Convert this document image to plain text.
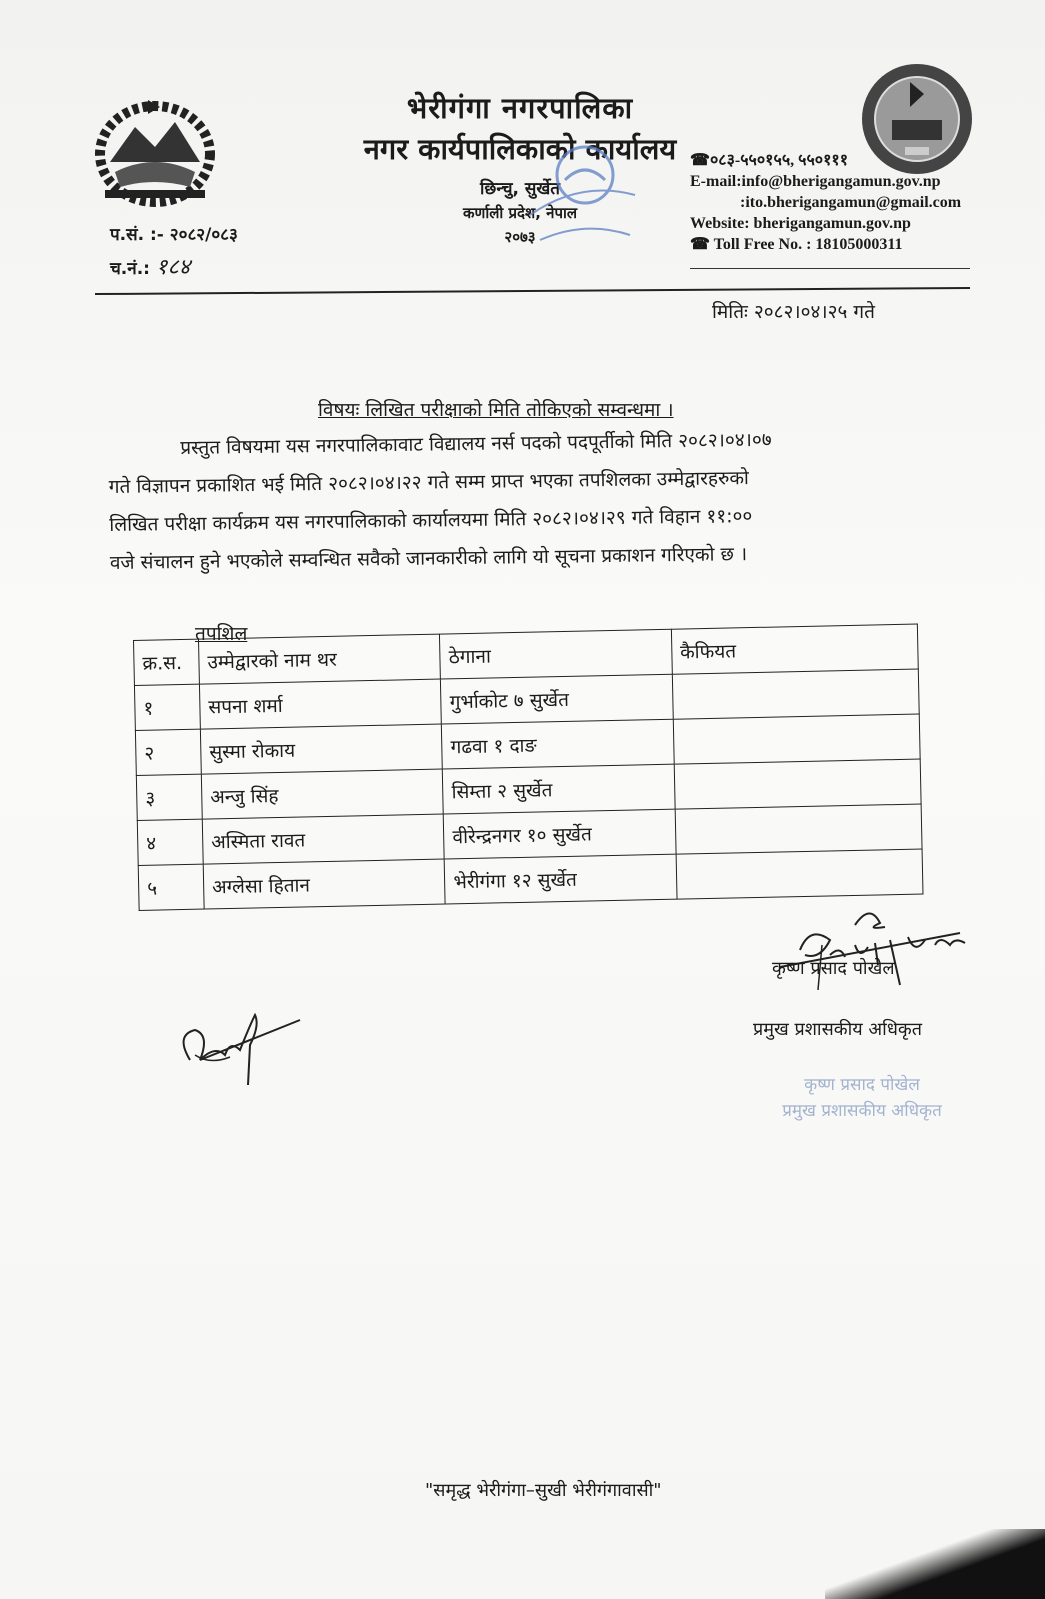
भेरीगंगा नगरपालिका
नगर कार्यपालिकाको कार्यालय
छिन्चु, सुर्खेत
कर्णाली प्रदेश, नेपाल
२०७३
प.सं. :- २०८२/०८३
च.नं.: १८४
☎०८३-५५०१५५, ५५०१११
E-mail:info@bherigangamun.gov.np
:ito.bherigangamun@gmail.com
Website: bherigangamun.gov.np
☎ Toll Free No. : 18105000311
मितिः २०८२।०४।२५ गते
विषयः लिखित परीक्षाको मिति तोकिएको सम्वन्धमा ।

प्रस्तुत विषयमा यस नगरपालिकावाट विद्यालय नर्स पदको पदपूर्तीको मिति २०८२।०४।०७

गते विज्ञापन प्रकाशित भई मिति २०८२।०४।२२ गते सम्म प्राप्त भएका तपशिलका उम्मेद्वारहरुको

लिखित परीक्षा कार्यक्रम यस नगरपालिकाको कार्यालयमा मिति २०८२।०४।२९ गते विहान ११:००

वजे संचालन हुने भएकोले सम्वन्धित सवैको जानकारीको लागि यो सूचना प्रकाशन गरिएको छ ।

तपशिल
क्र.स.	उम्मेद्वारको नाम थर	ठेगाना	कैफियत
१	सपना शर्मा	गुर्भाकोट ७ सुर्खेत	
२	सुस्मा रोकाय	गढवा १ दाङ	
३	अन्जु सिंह	सिम्ता २ सुर्खेत	
४	अस्मिता रावत	वीरेन्द्रनगर १० सुर्खेत	
५	अग्लेसा हितान	भेरीगंगा १२ सुर्खेत	
कृष्ण प्रसाद पोखेल
प्रमुख प्रशासकीय अधिकृत
कृष्ण प्रसाद पोखेल
प्रमुख प्रशासकीय अधिकृत
"समृद्ध भेरीगंगा–सुखी भेरीगंगावासी"
